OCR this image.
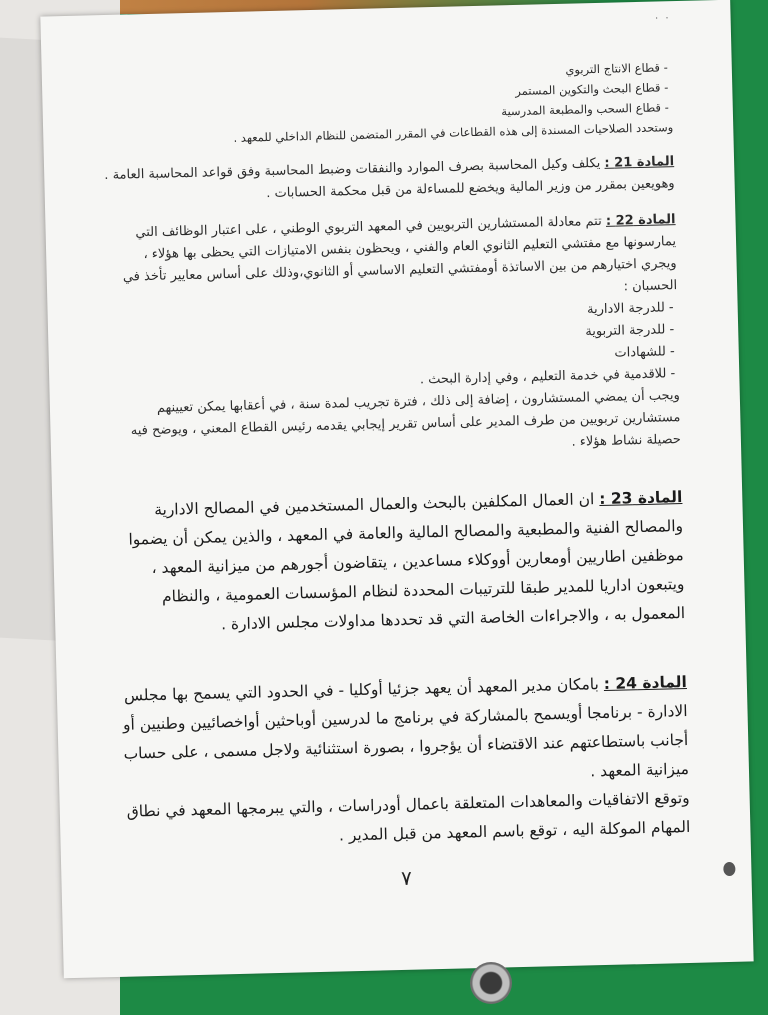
· ·
- قطاع الانتاج التربوي
- قطاع البحث والتكوين المستمر
- قطاع السحب والمطبعة المدرسية
وستحدد الصلاحيات المسندة إلى هذه القطاعات في المقرر المتضمن للنظام الداخلي للمعهد .
المادة 21 : يكلف وكيل المحاسبة بصرف الموارد والنفقات وضبط المحاسبة وفق قواعد المحاسبة العامة .
وهويعين بمقرر من وزير المالية ويخضع للمساءلة من قبل محكمة الحسابات .
المادة 22 : تتم معادلة المستشارين التربويين في المعهد التربوي الوطني ، على اعتبار الوظائف التي يمارسونها مع مفتشي التعليم الثانوي العام والفني ، ويحظون بنفس الامتيازات التي يحظى بها هؤلاء ، ويجري اختيارهم من بين الاساتذة أومفتشي التعليم الاساسي أو الثانوي،وذلك على أساس معايير تأخذ في الحسبان :
- للدرجة الادارية
- للدرجة التربوية
- للشهادات
- للاقدمية في خدمة التعليم ، وفي إدارة البحث .
ويجب أن يمضي المستشارون ، إضافة إلى ذلك ، فترة تجريب لمدة سنة ، في أعقابها يمكن تعيينهم مستشارين تربويين من طرف المدير على أساس تقرير إيجابي يقدمه رئيس القطاع المعني ، ويوضح فيه حصيلة نشاط هؤلاء .
المادة 23 : ان العمال المكلفين بالبحث والعمال المستخدمين في المصالح الادارية والمصالح الفنية والمطبعية والمصالح المالية والعامة في المعهد ، والذين يمكن أن يضموا موظفين اطاريين أومعارين أووكلاء مساعدين ، يتقاضون أجورهم من ميزانية المعهد ، ويتبعون اداريا للمدير طبقا للترتيبات المحددة لنظام المؤسسات العمومية ، والنظام المعمول به ، والاجراءات الخاصة التي قد تحددها مداولات مجلس الادارة .
المادة 24 : بامكان مدير المعهد أن يعهد جزئيا أوكليا - في الحدود التي يسمح بها مجلس الادارة - برنامجا أويسمح بالمشاركة في برنامج ما لدرسين أوباحثين أواخصائيين وطنيين أو أجانب باستطاعتهم عند الاقتضاء أن يؤجروا ، بصورة استثنائية ولاجل مسمى ، على حساب ميزانية المعهد .
وتوقع الاتفاقيات والمعاهدات المتعلقة باعمال أودراسات ، والتي يبرمجها المعهد في نطاق المهام الموكلة اليه ، توقع باسم المعهد من قبل المدير .
٧
